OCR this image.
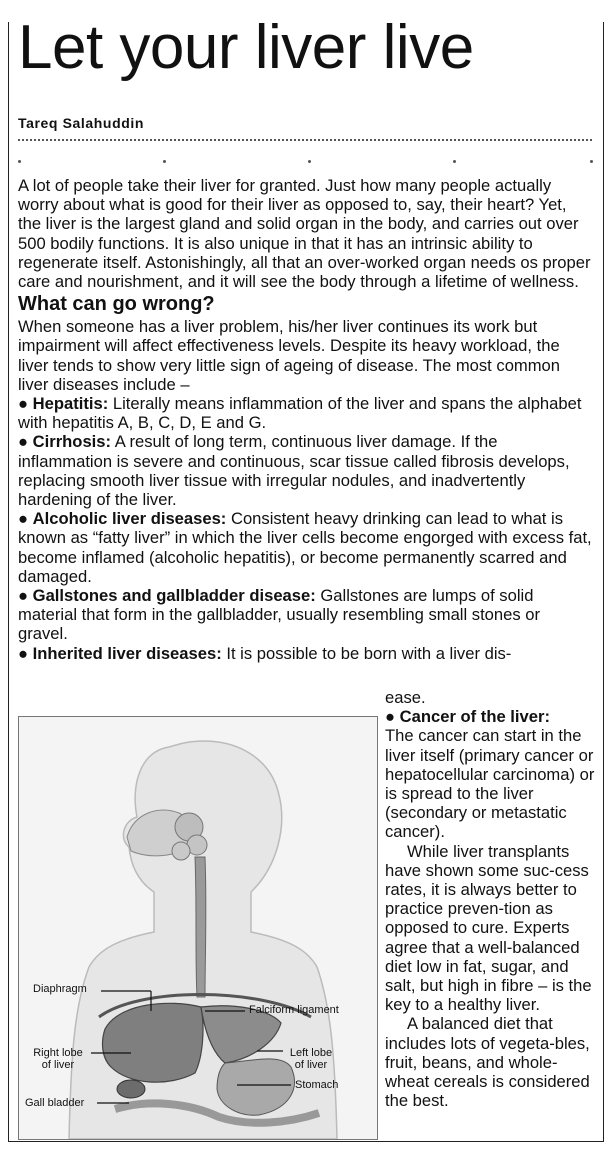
Let your liver live
Tareq Salahuddin

A lot of people take their liver for granted. Just how many people actually worry about what is good for their liver as opposed to, say, their heart? Yet, the liver is the largest gland and solid organ in the body, and carries out over 500 bodily functions. It is also unique in that it has an intrinsic ability to regenerate itself. Astonishingly, all that an over-worked organ needs os proper care and nourishment, and it will see the body through a lifetime of wellness.

What can go wrong?

When someone has a liver problem, his/her liver continues its work but impairment will affect effectiveness levels. Despite its heavy workload, the liver tends to show very little sign of ageing of disease. The most common liver diseases include –

● Hepatitis: Literally means inflammation of the liver and spans the alphabet with hepatitis A, B, C, D, E and G.

● Cirrhosis: A result of long term, continuous liver damage. If the inflammation is severe and continuous, scar tissue called fibrosis develops, replacing smooth liver tissue with irregular nodules, and inadvertently hardening of the liver.

● Alcoholic liver diseases: Consistent heavy drinking can lead to what is known as “fatty liver” in which the liver cells become engorged with excess fat, become inflamed (alcoholic hepatitis), or become permanently scarred and damaged.

● Gallstones and gallbladder disease: Gallstones are lumps of solid material that form in the gallbladder, usually resembling small stones or gravel.

● Inherited liver diseases: It is possible to be born with a liver dis-

ease.

● Cancer of the liver:

The cancer can start in the liver itself (primary cancer or hepatocellular carcinoma) or is spread to the liver (secondary or metastatic cancer).

While liver transplants have shown some suc-cess rates, it is always better to practice preven-tion as opposed to cure. Experts agree that a well-balanced diet low in fat, sugar, and salt, but high in fibre – is the key to a healthy liver.

A balanced diet that includes lots of vegeta-bles, fruit, beans, and whole-wheat cereals is considered the best.

Diaphragm
Falciform ligament
Right lobe
of liver
Left lobe
of liver
Stomach
Gall bladder
